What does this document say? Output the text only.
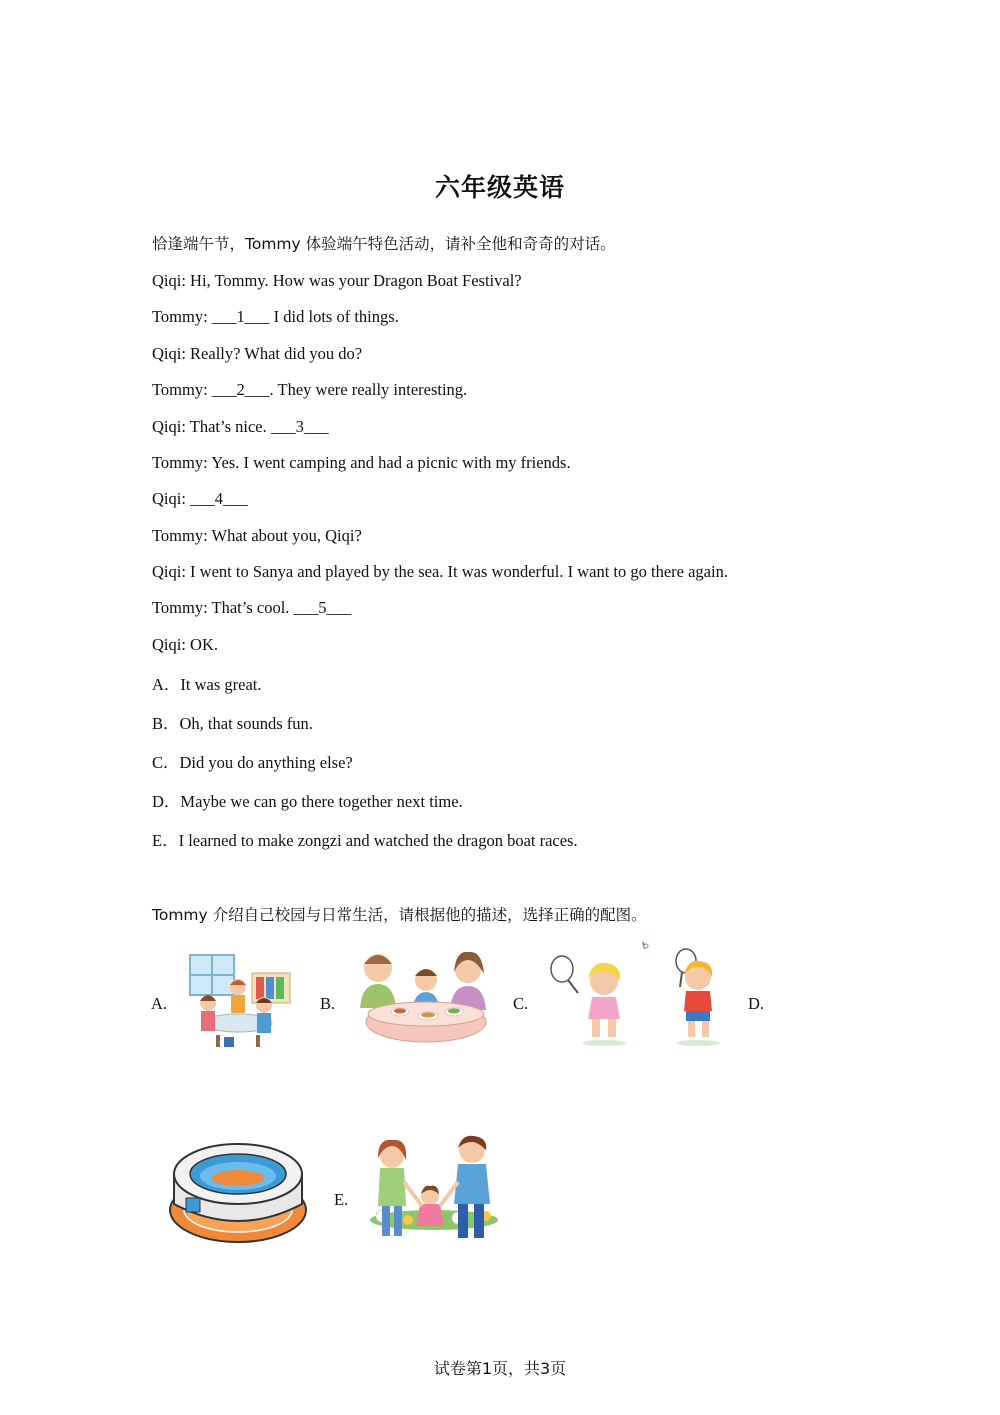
六年级英语
恰逢端午节，Tommy 体验端午特色活动，请补全他和奇奇的对话。
Qiqi: Hi, Tommy. How was your Dragon Boat Festival?
Tommy: ___1___ I did lots of things.
Qiqi: Really? What did you do?
Tommy: ___2___. They were really interesting.
Qiqi: That’s nice. ___3___
Tommy: Yes. I went camping and had a picnic with my friends.
Qiqi: ___4___
Tommy: What about you, Qiqi?
Qiqi: I went to Sanya and played by the sea. It was wonderful. I want to go there again.
Tommy: That’s cool. ___5___
Qiqi: OK.
A．It was great.
B．Oh, that sounds fun.
C．Did you do anything else?
D．Maybe we can go there together next time.
E．I learned to make zongzi and watched the dragon boat races.
Tommy 介绍自己校园与日常生活，请根据他的描述，选择正确的配图。
A.	B.	C.	D.
E.
试卷第1页，共3页
